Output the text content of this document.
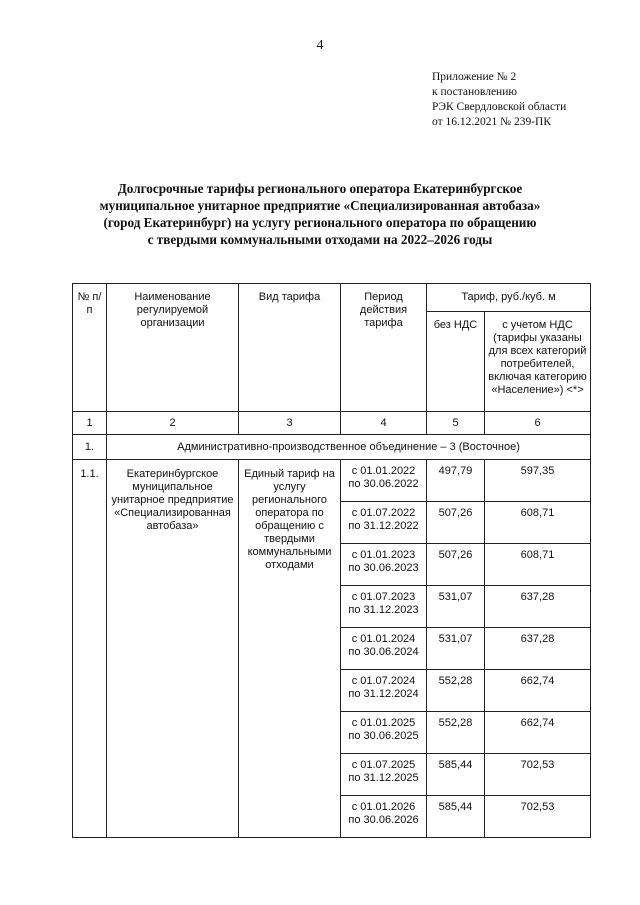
4
Приложение № 2
к постановлению
РЭК Свердловской области
от 16.12.2021 № 239-ПК
Долгосрочные тарифы регионального оператора Екатеринбургское
муниципальное унитарное предприятие «Специализированная автобаза»
(город Екатеринбург) на услугу регионального оператора по обращению
с твердыми коммунальными отходами на 2022–2026 годы
№ п/п	Наименование регулируемой организации	Вид тарифа	Период действия тарифа	Тариф, руб./куб. м	
				без НДС	с учетом НДС (тарифы указаны для всех категорий потребителей, включая категорию «Население») <*>
1	2	3	4	5	6
1.	Административно-производственное объединение – 3 (Восточное)				
1.1.	Екатеринбургское муниципальное унитарное предприятие «Специализированная автобаза»	Единый тариф на услугу регионального оператора по обращению с твердыми коммунальными отходами	с 01.01.2022
по 30.06.2022	497,79	597,35

			с 01.07.2022
по 31.12.2022	507,26	608,71

			с 01.01.2023
по 30.06.2023	507,26	608,71

			с 01.07.2023
по 31.12.2023	531,07	637,28

			с 01.01.2024
по 30.06.2024	531,07	637,28

			с 01.07.2024
по 31.12.2024	552,28	662,74

			с 01.01.2025
по 30.06.2025	552,28	662,74

			с 01.07.2025
по 31.12.2025	585,44	702,53

			с 01.01.2026
по 30.06.2026	585,44	702,53
